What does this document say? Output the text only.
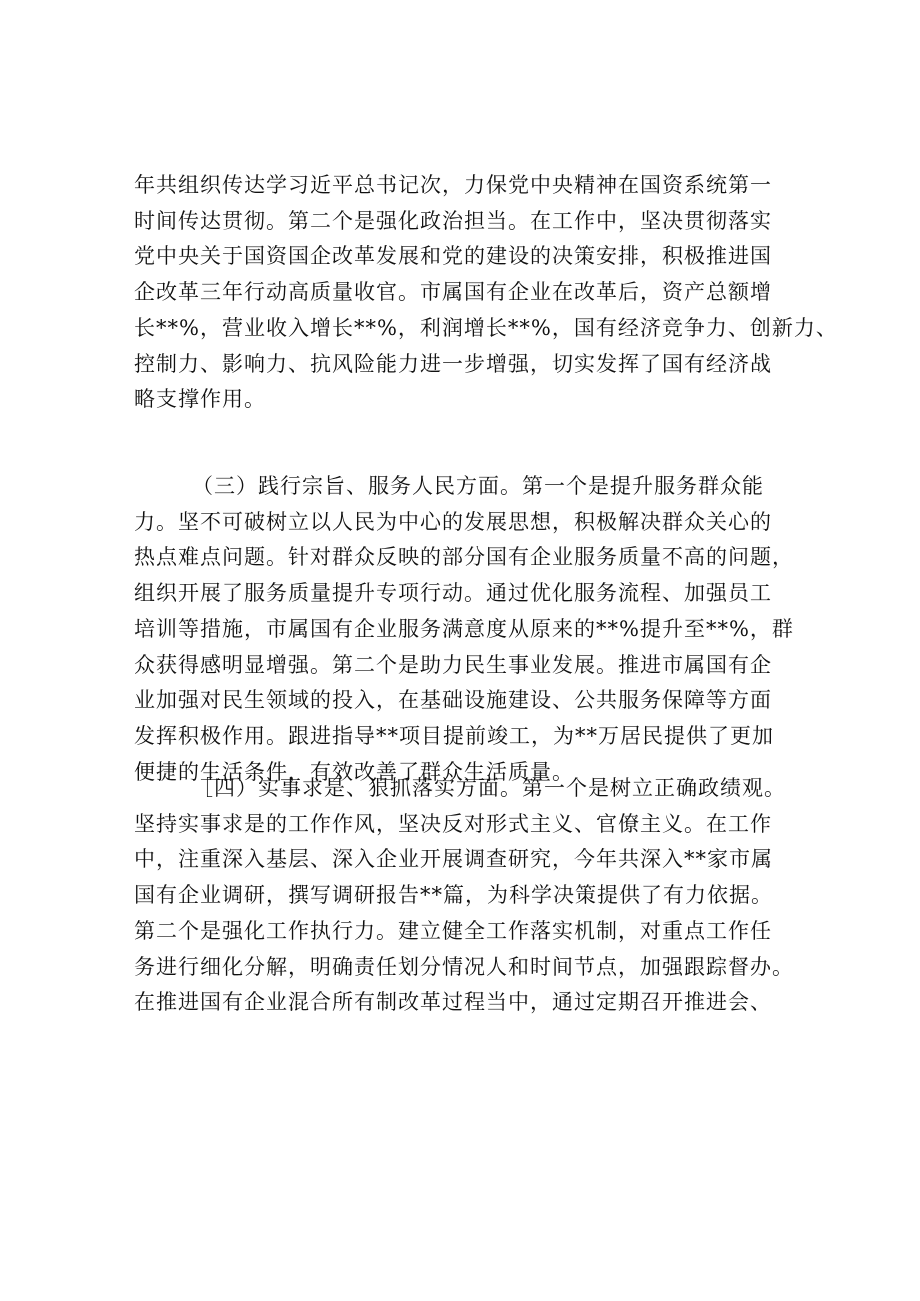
年共组织传达学习近平总书记次，力保党中央精神在国资系统第一
时间传达贯彻。第二个是强化政治担当。在工作中，坚决贯彻落实
党中央关于国资国企改革发展和党的建设的决策安排，积极推进国
企改革三年行动高质量收官。市属国有企业在改革后，资产总额增
长**%，营业收入增长**%，利润增长**%，国有经济竞争力、创新力、
控制力、影响力、抗风险能力进一步增强，切实发挥了国有经济战
略支撑作用。
（三）践行宗旨、服务人民方面。第一个是提升服务群众能
力。坚不可破树立以人民为中心的发展思想，积极解决群众关心的
热点难点问题。针对群众反映的部分国有企业服务质量不高的问题，
组织开展了服务质量提升专项行动。通过优化服务流程、加强员工
培训等措施，市属国有企业服务满意度从原来的**%提升至**%，群
众获得感明显增强。第二个是助力民生事业发展。推进市属国有企
业加强对民生领域的投入，在基础设施建设、公共服务保障等方面
发挥积极作用。跟进指导**项目提前竣工，为**万居民提供了更加
便捷的生活条件，有效改善了群众生活质量。
［四）实事求是、狠抓落实方面。第一个是树立正确政绩观。
坚持实事求是的工作作风，坚决反对形式主义、官僚主义。在工作
中，注重深入基层、深入企业开展调查研究，今年共深入**家市属
国有企业调研，撰写调研报告**篇，为科学决策提供了有力依据。
第二个是强化工作执行力。建立健全工作落实机制，对重点工作任
务进行细化分解，明确责任划分情况人和时间节点，加强跟踪督办。
在推进国有企业混合所有制改革过程当中，通过定期召开推进会、
